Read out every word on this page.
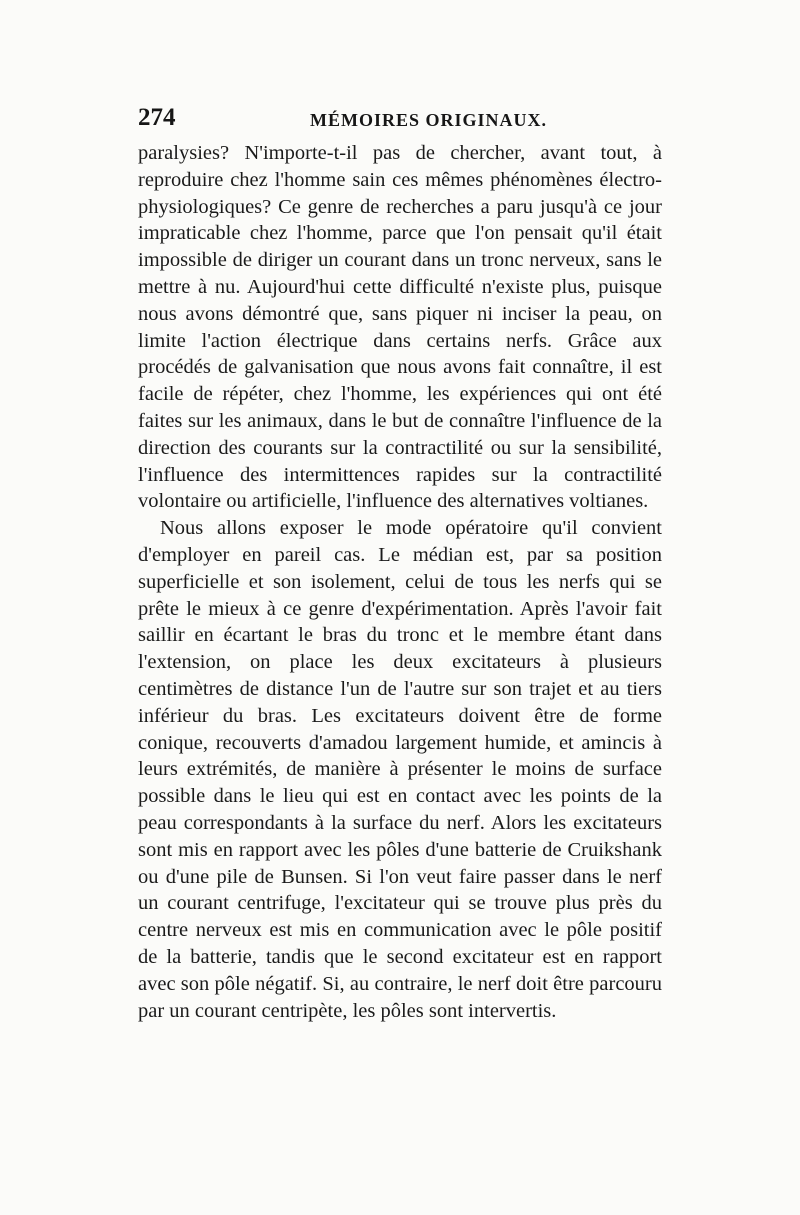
274	MÉMOIRES ORIGINAUX.

paralysies? N'importe-t-il pas de chercher, avant tout, à reproduire chez l'homme sain ces mêmes phénomènes électro-physiologiques? Ce genre de recherches a paru jusqu'à ce jour impraticable chez l'homme, parce que l'on pensait qu'il était impossible de diriger un courant dans un tronc nerveux, sans le mettre à nu. Aujourd'hui cette difficulté n'existe plus, puisque nous avons démontré que, sans piquer ni inciser la peau, on limite l'action électrique dans certains nerfs. Grâce aux procédés de galvanisation que nous avons fait connaître, il est facile de répéter, chez l'homme, les expériences qui ont été faites sur les animaux, dans le but de connaître l'influence de la direction des courants sur la contractilité ou sur la sensibilité, l'influence des intermittences rapides sur la contractilité volontaire ou artificielle, l'influence des alternatives voltianes.

Nous allons exposer le mode opératoire qu'il convient d'employer en pareil cas. Le médian est, par sa position superficielle et son isolement, celui de tous les nerfs qui se prête le mieux à ce genre d'expérimentation. Après l'avoir fait saillir en écartant le bras du tronc et le membre étant dans l'extension, on place les deux excitateurs à plusieurs centimètres de distance l'un de l'autre sur son trajet et au tiers inférieur du bras. Les excitateurs doivent être de forme conique, recouverts d'amadou largement humide, et amincis à leurs extrémités, de manière à présenter le moins de surface possible dans le lieu qui est en contact avec les points de la peau correspondants à la surface du nerf. Alors les excitateurs sont mis en rapport avec les pôles d'une batterie de Cruikshank ou d'une pile de Bunsen. Si l'on veut faire passer dans le nerf un courant centrifuge, l'excitateur qui se trouve plus près du centre nerveux est mis en communication avec le pôle positif de la batterie, tandis que le second excitateur est en rapport avec son pôle négatif. Si, au contraire, le nerf doit être parcouru par un courant centripète, les pôles sont intervertis.
